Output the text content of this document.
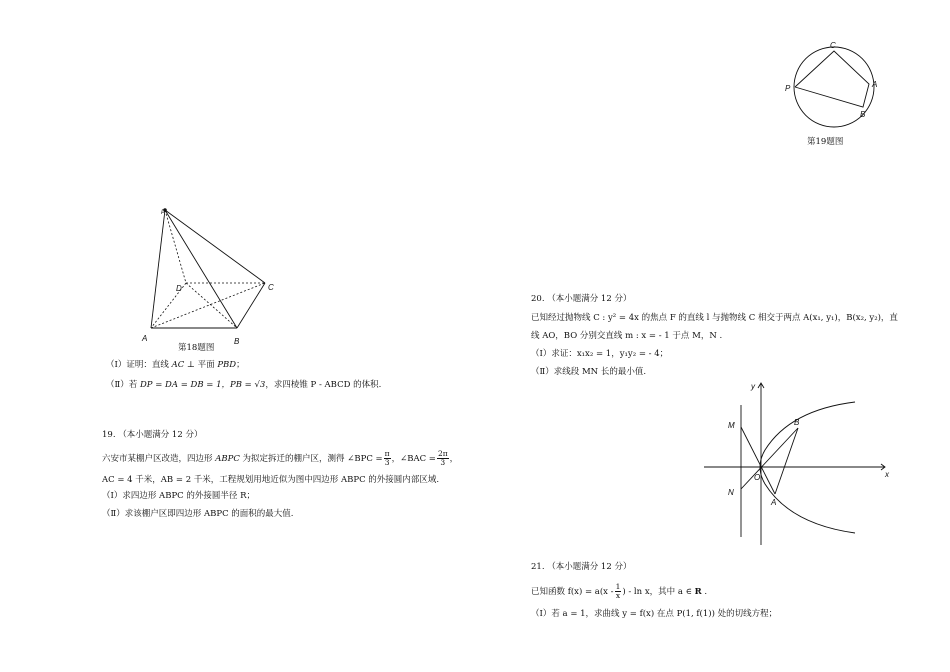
C
A
B
P
第19题图
P
D	C
A	B
第18题图
（Ⅰ）证明：直线 AC ⊥ 平面 PBD；
（Ⅱ）若 DP = DA = DB = 1，PB = √3，求四棱锥 P - ABCD 的体积.
19. （本小题满分 12 分）
六安市某棚户区改造，四边形 ABPC 为拟定拆迁的棚户区，测得 ∠BPC = $\frac{\pi}{3}$ ，∠BAC = $\frac{2\pi}{3}$ ，
AC = 4 千米，AB = 2 千米，工程规划用地近似为图中四边形 ABPC 的外接圆内部区域.
（Ⅰ）求四边形 ABPC 的外接圆半径 R；
（Ⅱ）求该棚户区即四边形 ABPC 的面积的最大值.
20. （本小题满分 12 分）
已知经过抛物线 C : y² = 4x 的焦点 F 的直线 l 与抛物线 C 相交于两点 A(x₁, y₁)，B(x₂, y₂)，直
线 AO，BO 分别交直线 m : x = - 1 于点 M，N .
（Ⅰ）求证：x₁x₂ = 1，y₁y₂ = - 4；
（Ⅱ）求线段 MN 长的最小值.
y
x
O
M
N
A
B
21. （本小题满分 12 分）
已知函数 $f(x) = a(x - \frac{1}{x}$ ) - ln x，其中 a ∈ R .
（Ⅰ）若 a = 1，求曲线 y = f(x) 在点 P(1, f(1)) 处的切线方程；
